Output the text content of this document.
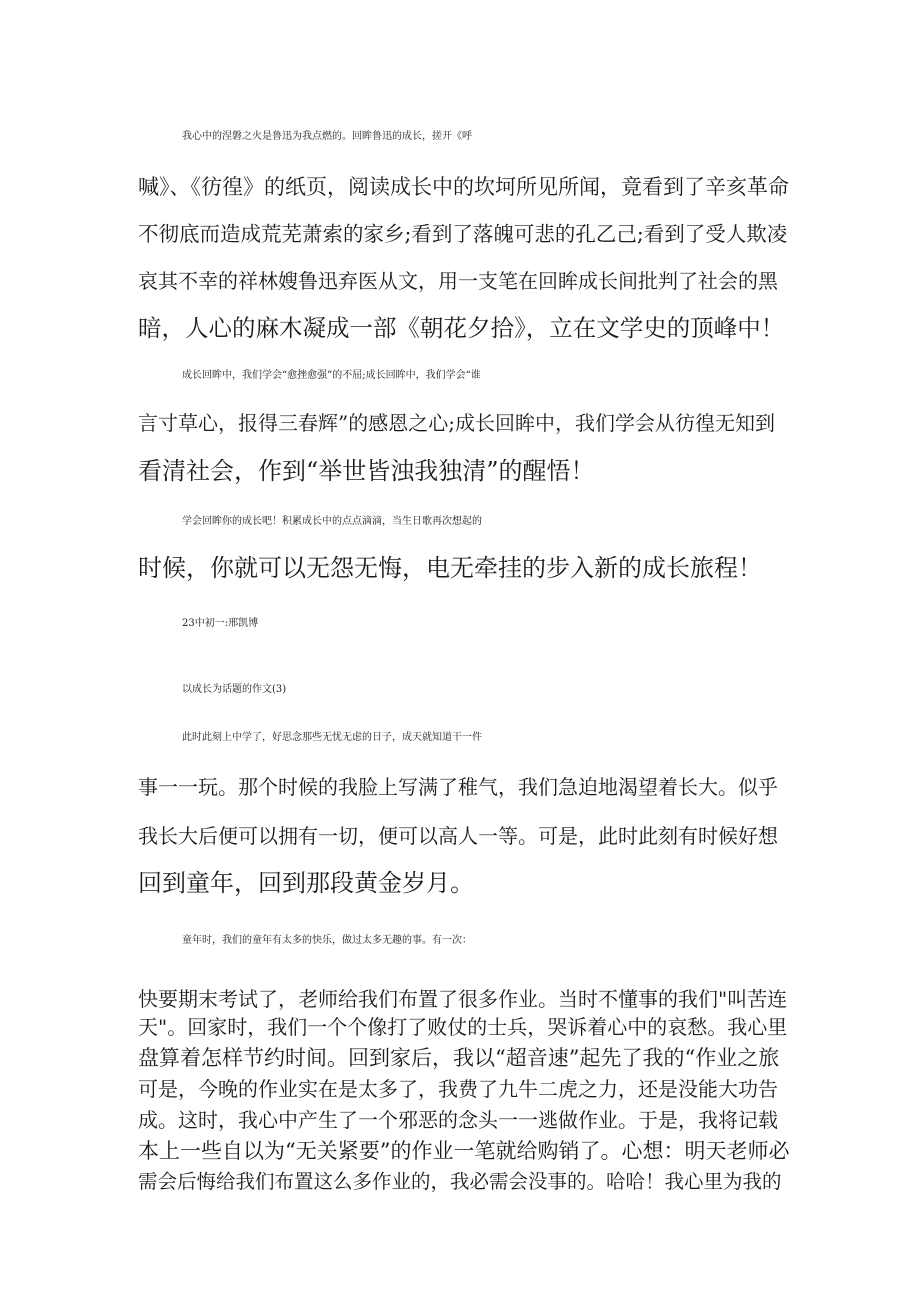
我心中的涅磐之火是鲁迅为我点燃的。回眸鲁迅的成长，搓开《呼
喊》、《彷徨》的纸页，阅读成长中的坎坷所见所闻，竟看到了辛亥革命
不彻底而造成荒芜萧索的家乡;看到了落魄可悲的孔乙己;看到了受人欺凌
哀其不幸的祥林嫂鲁迅弃医从文，用一支笔在回眸成长间批判了社会的黑
暗，人心的麻木凝成一部《朝花夕拾》，立在文学史的顶峰中！
成长回眸中，我们学会“愈挫愈强”的不屈;成长回眸中，我们学会“谁
言寸草心，报得三春辉”的感恩之心;成长回眸中，我们学会从彷徨无知到
看清社会，作到“举世皆浊我独清”的醒悟！
学会回眸你的成长吧！积累成长中的点点滴滴，当生日歌再次想起的
时候，你就可以无怨无悔，电无牵挂的步入新的成长旅程！
23中初一:邢凯博
以成长为话题的作文(3)
此时此刻上中学了，好思念那些无忧无虑的日子，成天就知道干一件
事一一玩。那个时候的我脸上写满了稚气，我们急迫地渴望着长大。似乎
我长大后便可以拥有一切，便可以高人一等。可是，此时此刻有时候好想
回到童年，回到那段黄金岁月。
童年时，我们的童年有太多的快乐，做过太多无趣的事。有一次：
快要期末考试了，老师给我们布置了很多作业。当时不懂事的我们"叫苦连
天"。回家时，我们一个个像打了败仗的士兵，哭诉着心中的哀愁。我心里
盘算着怎样节约时间。回到家后，我以“超音速”起先了我的“作业之旅
可是，今晚的作业实在是太多了，我费了九牛二虎之力，还是没能大功告
成。这时，我心中产生了一个邪恶的念头一一逃做作业。于是，我将记载
本上一些自以为“无关紧要”的作业一笔就给购销了。心想：明天老师必
需会后悔给我们布置这么多作业的，我必需会没事的。哈哈！我心里为我的
